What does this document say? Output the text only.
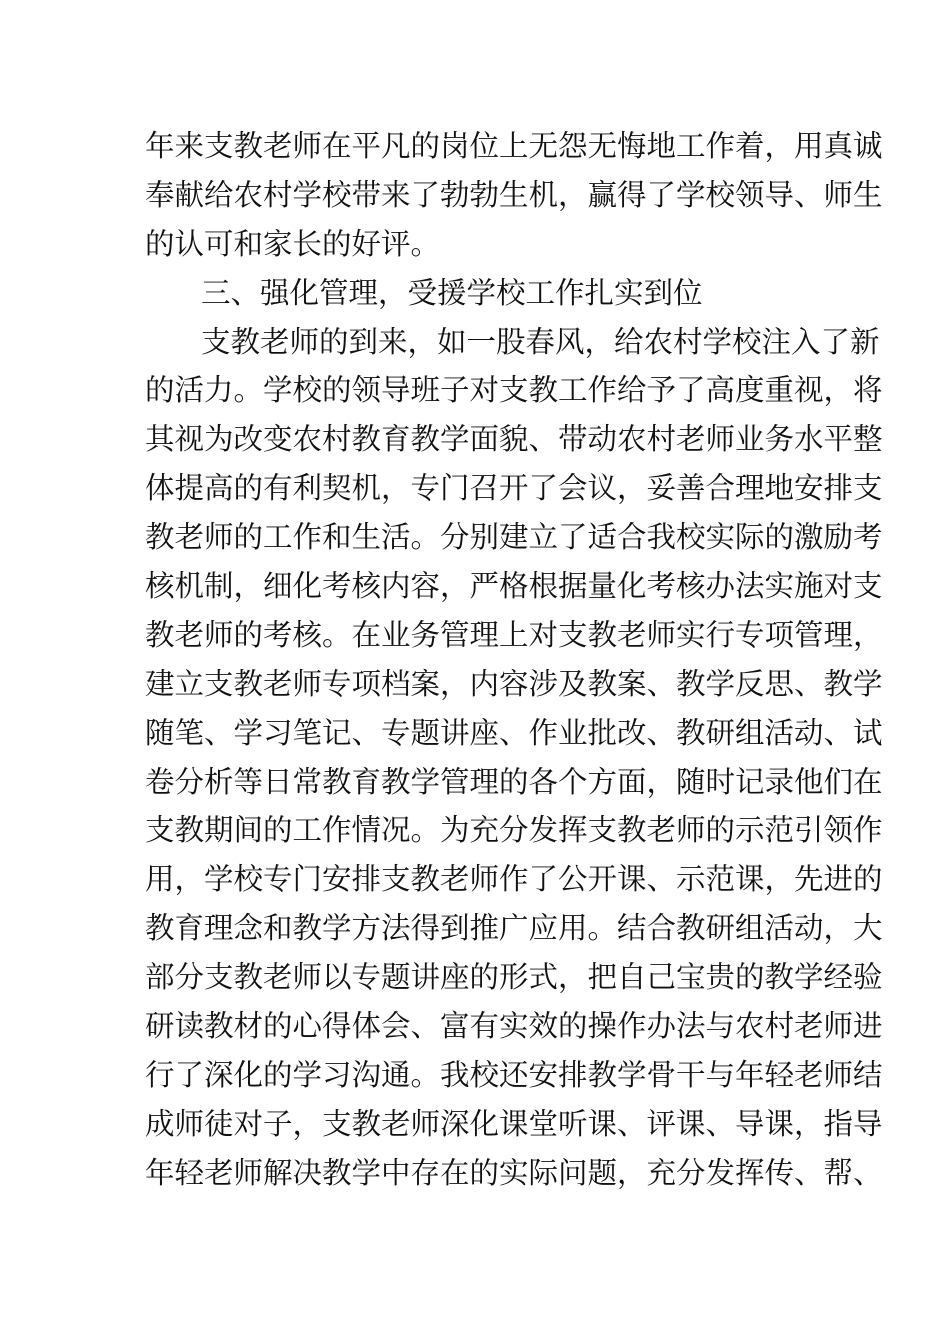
年来支教老师在平凡的岗位上无怨无悔地工作着，用真诚
奉献给农村学校带来了勃勃生机，赢得了学校领导、师生
的认可和家长的好评。
三、强化管理，受援学校工作扎实到位
支教老师的到来，如一股春风，给农村学校注入了新
的活力。学校的领导班子对支教工作给予了高度重视，将
其视为改变农村教育教学面貌、带动农村老师业务水平整
体提高的有利契机，专门召开了会议，妥善合理地安排支
教老师的工作和生活。分别建立了适合我校实际的激励考
核机制，细化考核内容，严格根据量化考核办法实施对支
教老师的考核。在业务管理上对支教老师实行专项管理，
建立支教老师专项档案，内容涉及教案、教学反思、教学
随笔、学习笔记、专题讲座、作业批改、教研组活动、试
卷分析等日常教育教学管理的各个方面，随时记录他们在
支教期间的工作情况。为充分发挥支教老师的示范引领作
用，学校专门安排支教老师作了公开课、示范课，先进的
教育理念和教学方法得到推广应用。结合教研组活动，大
部分支教老师以专题讲座的形式，把自己宝贵的教学经验
研读教材的心得体会、富有实效的操作办法与农村老师进
行了深化的学习沟通。我校还安排教学骨干与年轻老师结
成师徒对子，支教老师深化课堂听课、评课、导课，指导
年轻老师解决教学中存在的实际问题，充分发挥传、帮、
